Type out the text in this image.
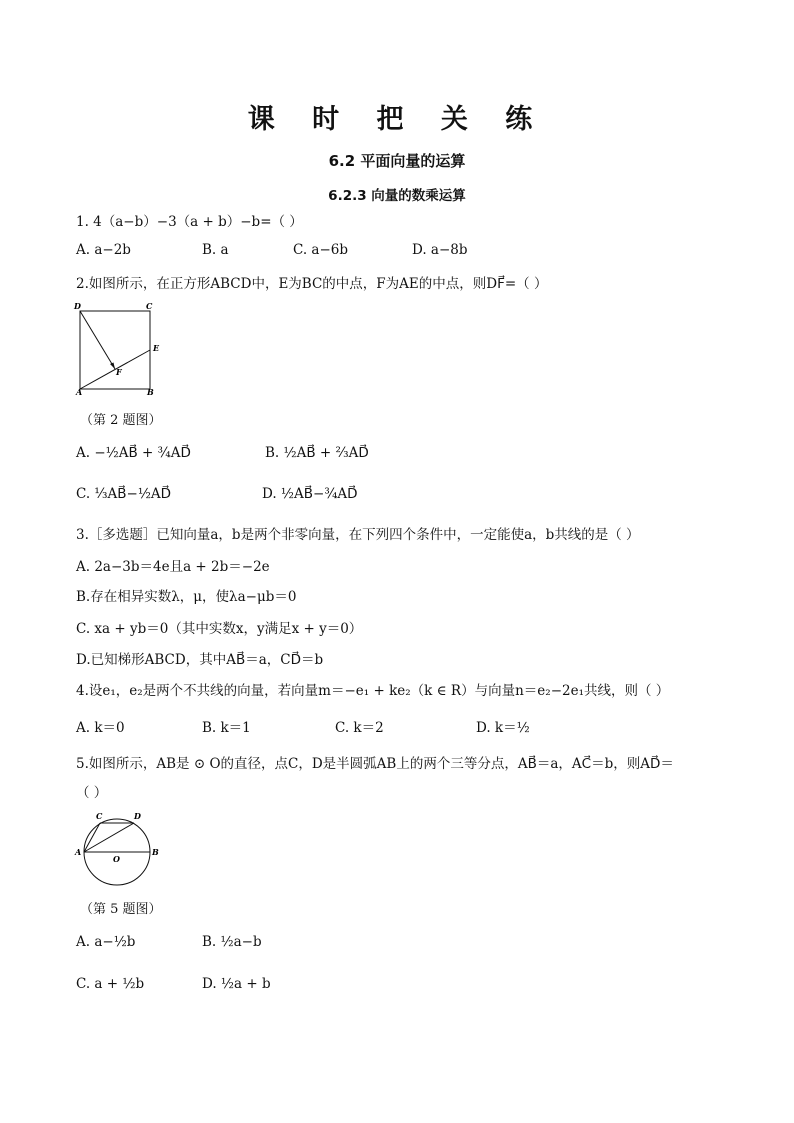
课 时 把 关 练
6.2 平面向量的运算
6.2.3 向量的数乘运算
1. 4（a−b）−3（a + b）−b=（ ）
A. a−2b	B. a	C. a−6b	D. a−8b
2.如图所示，在正方形ABCD中，E为BC的中点，F为AE的中点，则DF⃗=（ ）
D	C
E
F
A	B
（第 2 题图）
A. −½AB⃗ + ¾AD⃗	B. ½AB⃗ + ⅔AD⃗
C. ⅓AB⃗−½AD⃗	D. ½AB⃗−¾AD⃗
3.［多选题］已知向量a，b是两个非零向量，在下列四个条件中，一定能使a，b共线的是（ ）
A. 2a−3b＝4e且a + 2b＝−2e
B.存在相异实数λ，μ，使λa−μb＝0
C. xa + yb＝0（其中实数x，y满足x + y＝0）
D.已知梯形ABCD，其中AB⃗＝a，CD⃗＝b
4.设e₁，e₂是两个不共线的向量，若向量m＝−e₁ + ke₂（k ∈ R）与向量n＝e₂−2e₁共线，则（ ）
A. k＝0	B. k＝1	C. k＝2	D. k＝½
5.如图所示，AB是 ⊙ O的直径，点C，D是半圆弧AB上的两个三等分点，AB⃗＝a，AC⃗＝b，则AD⃗＝
（ ）
C	D
A
O
B
（第 5 题图）
A. a−½b	B. ½a−b
C. a + ½b	D. ½a + b
